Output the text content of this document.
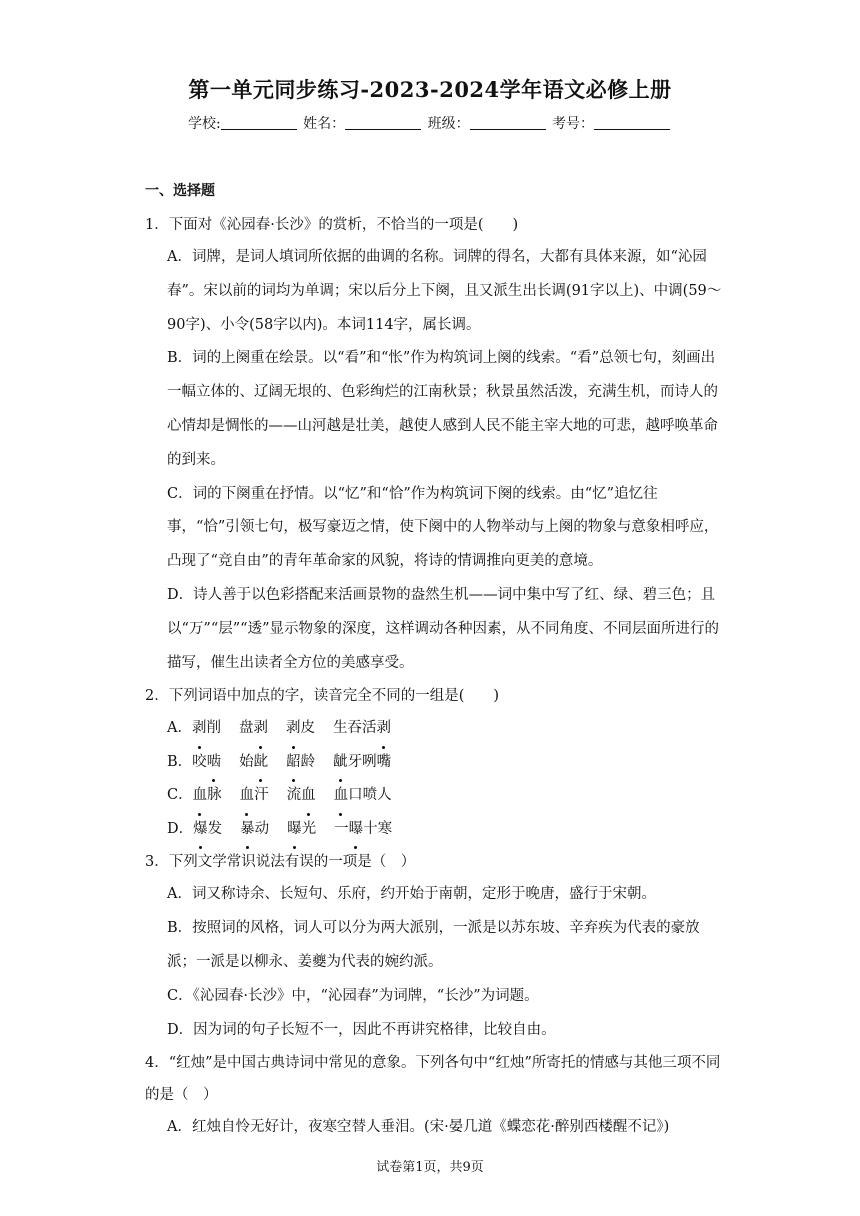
第一单元同步练习-2023-2024学年语文必修上册
学校:	姓名：	班级：	考号：
一、选择题
1．下面对《沁园春·长沙》的赏析，不恰当的一项是(　　)
A．词牌，是词人填词所依据的曲调的名称。词牌的得名，大都有具体来源，如“沁园春”。宋以前的词均为单调；宋以后分上下阕，且又派生出长调(91字以上)、中调(59～90字)、小令(58字以内)。本词114字，属长调。
B．词的上阕重在绘景。以“看”和“怅”作为构筑词上阕的线索。“看”总领七句，刻画出一幅立体的、辽阔无垠的、色彩绚烂的江南秋景；秋景虽然活泼，充满生机，而诗人的心情却是惆怅的——山河越是壮美，越使人感到人民不能主宰大地的可悲，越呼唤革命的到来。
C．词的下阕重在抒情。以“忆”和“恰”作为构筑词下阕的线索。由“忆”追忆往事，“恰”引领七句，极写豪迈之情，使下阕中的人物举动与上阕的物象与意象相呼应，凸现了“竞自由”的青年革命家的风貌，将诗的情调推向更美的意境。
D．诗人善于以色彩搭配来活画景物的盎然生机——词中集中写了红、绿、碧三色；且以“万”“层”“透”显示物象的深度，这样调动各种因素，从不同角度、不同层面所进行的描写，催生出读者全方位的美感享受。
2．下列词语中加点的字，读音完全不同的一组是(　　)
A．剥削 盘剥 剥皮 生吞活剥
B．咬啮 始龀 龆龄 龇牙咧嘴
C．血脉 血汗 流血 血口喷人
D．爆发 暴动 曝光 一曝十寒
3．下列文学常识说法有误的一项是（　）
A．词又称诗余、长短句、乐府，约开始于南朝，定形于晚唐，盛行于宋朝。
B．按照词的风格，词人可以分为两大派别，一派是以苏东坡、辛弃疾为代表的豪放派；一派是以柳永、姜夔为代表的婉约派。
C．《沁园春·长沙》中，“沁园春”为词牌，“长沙”为词题。
D．因为词的句子长短不一，因此不再讲究格律，比较自由。
4．“红烛”是中国古典诗词中常见的意象。下列各句中“红烛”所寄托的情感与其他三项不同的是（　）
A．红烛自怜无好计，夜寒空替人垂泪。(宋·晏几道《蝶恋花·醉别西楼醒不记》)
试卷第1页，共9页
